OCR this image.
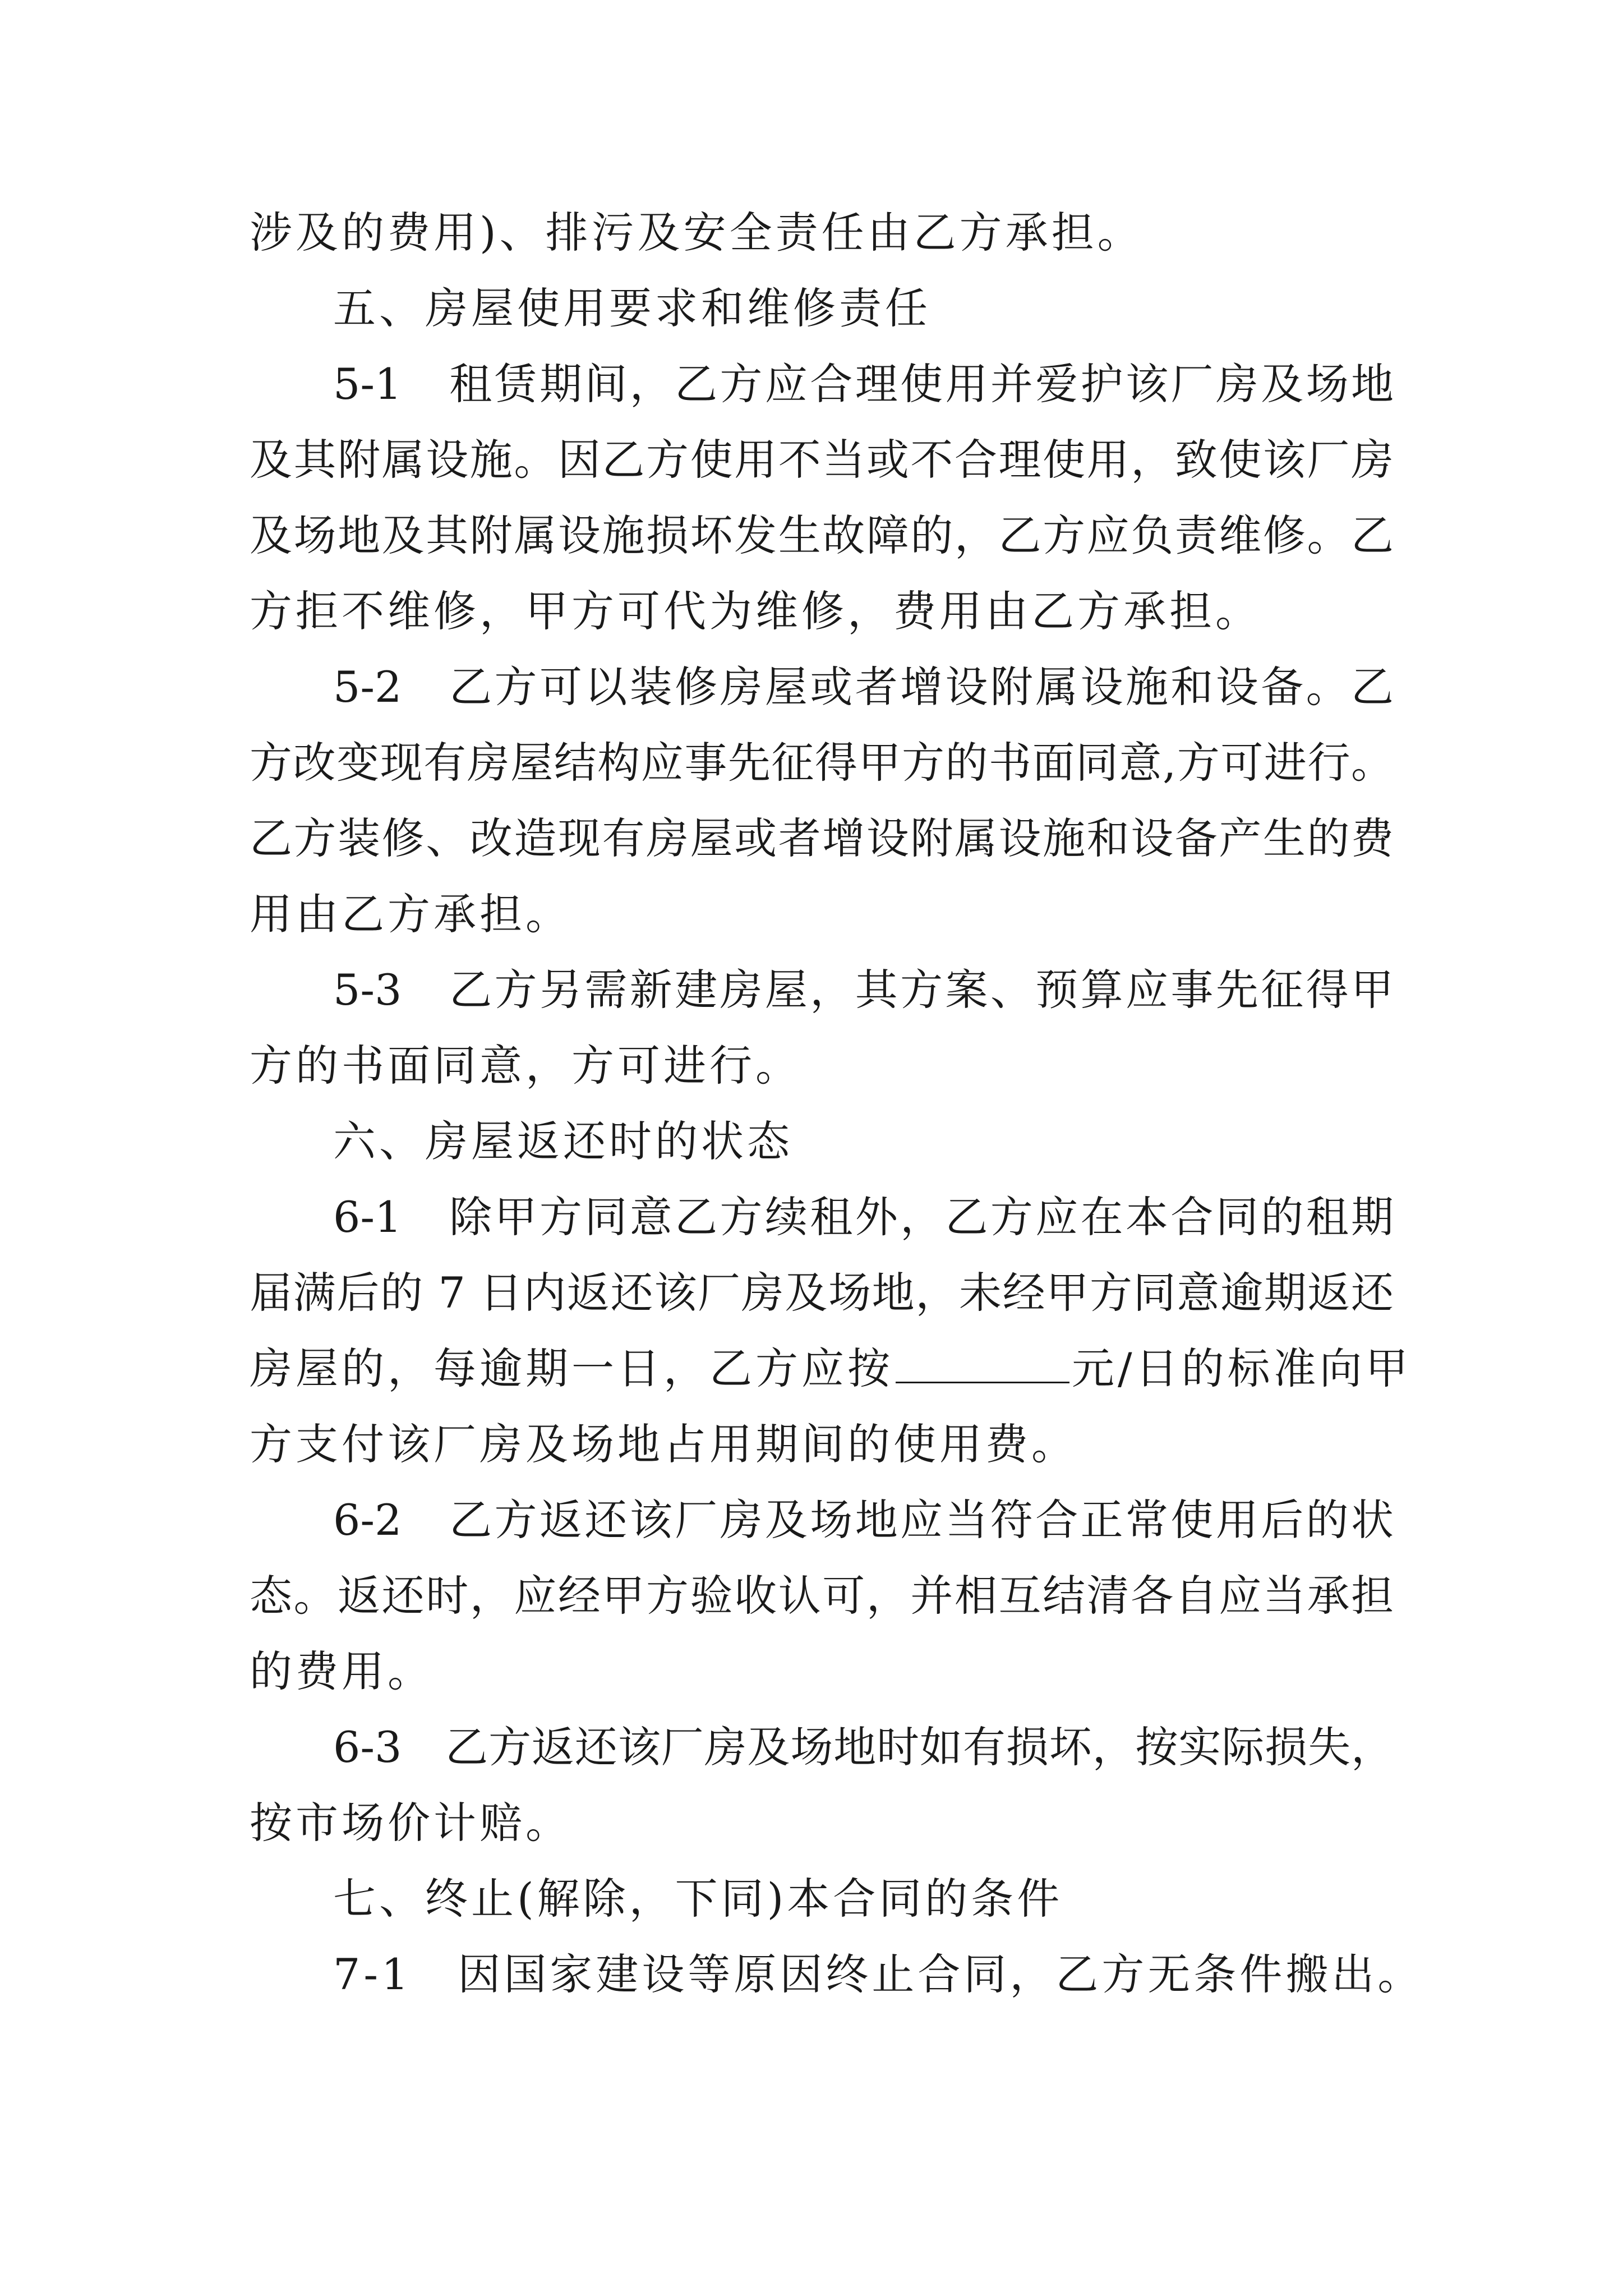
涉及的费用)、排污及安全责任由乙方承担。
五、房屋使用要求和维修责任
5-1　租赁期间，乙方应合理使用并爱护该厂房及场地
及其附属设施。因乙方使用不当或不合理使用，致使该厂房
及场地及其附属设施损坏发生故障的，乙方应负责维修。乙
方拒不维修，甲方可代为维修，费用由乙方承担。
5-2　乙方可以装修房屋或者增设附属设施和设备。乙
方改变现有房屋结构应事先征得甲方的书面同意,方可进行。
乙方装修、改造现有房屋或者增设附属设施和设备产生的费
用由乙方承担。
5-3　乙方另需新建房屋，其方案、预算应事先征得甲
方的书面同意，方可进行。
六、房屋返还时的状态
6-1　除甲方同意乙方续租外，乙方应在本合同的租期
届满后的 7 日内返还该厂房及场地，未经甲方同意逾期返还
房屋的，每逾期一日，乙方应按	元/日的标准向甲
方支付该厂房及场地占用期间的使用费。
6-2　乙方返还该厂房及场地应当符合正常使用后的状
态。返还时，应经甲方验收认可，并相互结清各自应当承担
的费用。
6-3　乙方返还该厂房及场地时如有损坏，按实际损失，
按市场价计赔。
七、终止(解除，下同)本合同的条件
7-1　因国家建设等原因终止合同，乙方无条件搬出。
